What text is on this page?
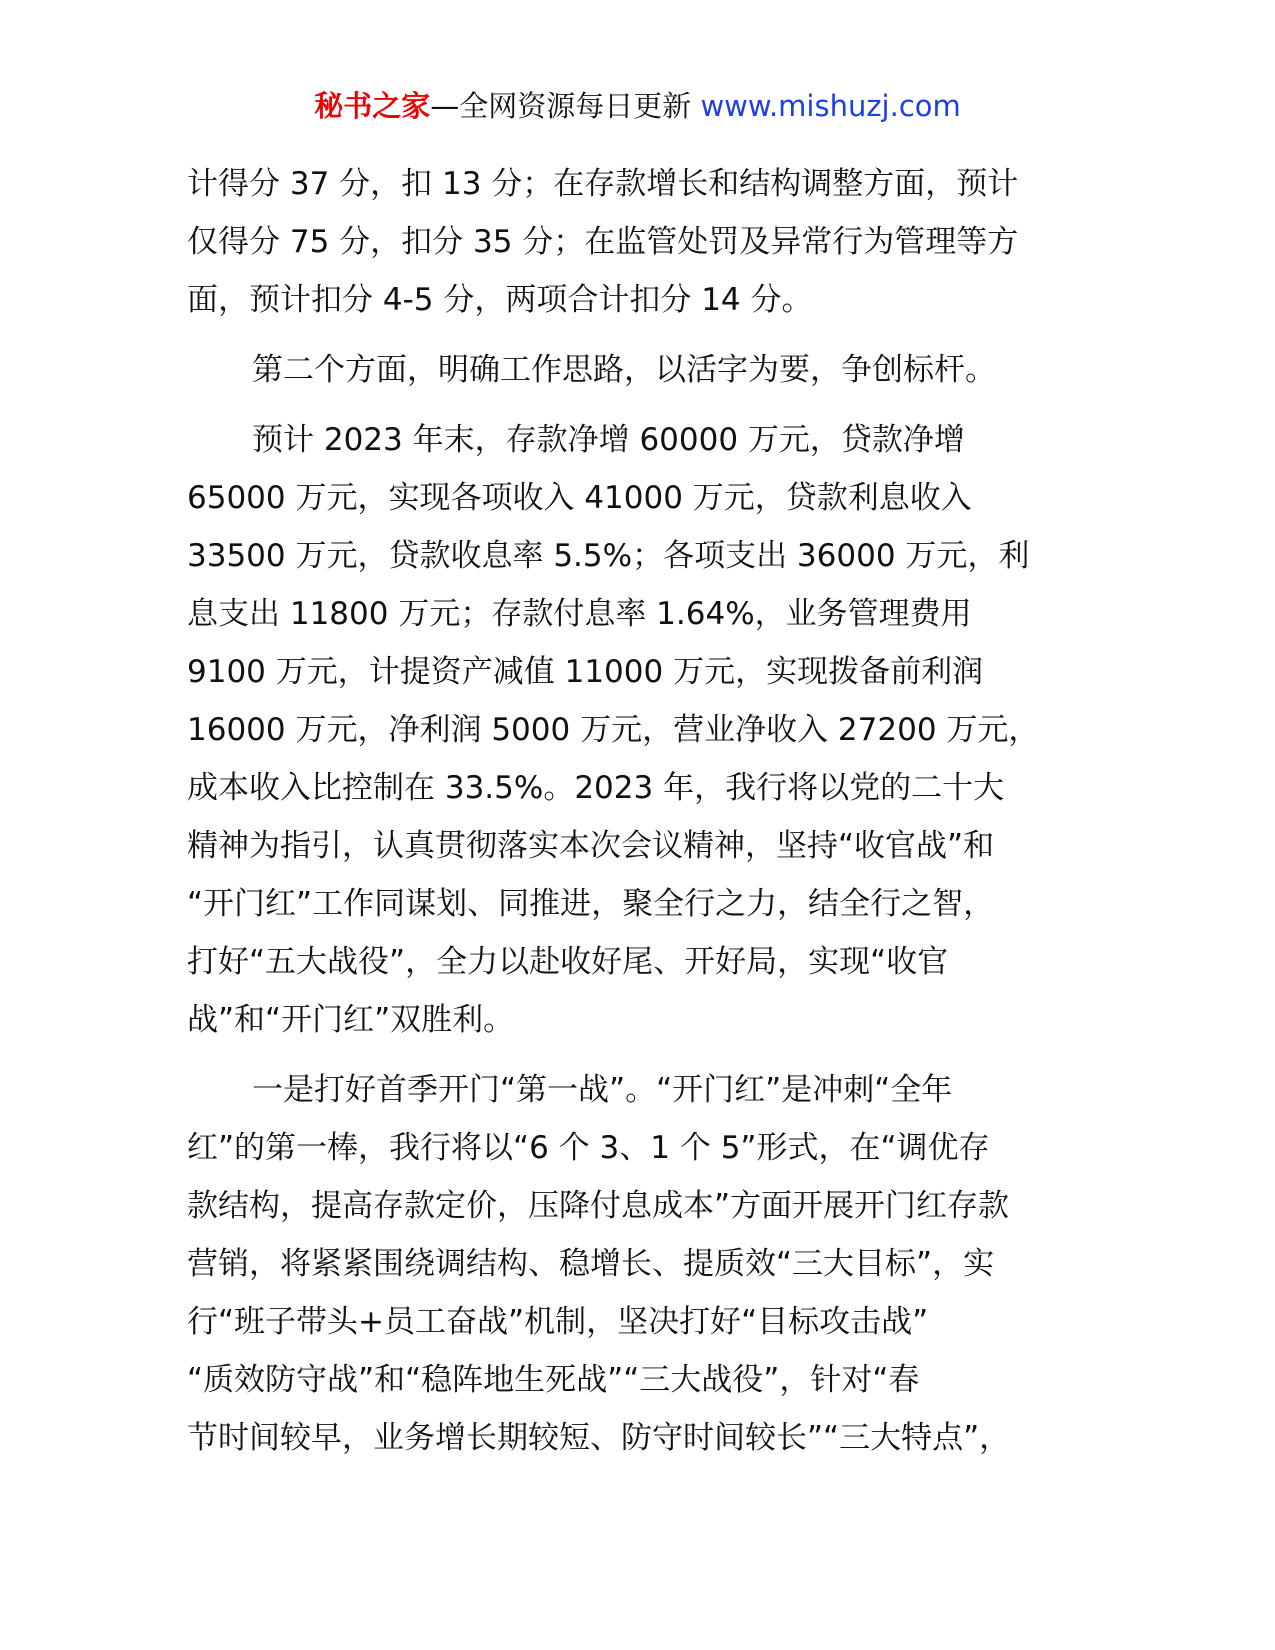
秘书之家—全网资源每日更新 www.mishuzj.com
计得分 37 分，扣 13 分；在存款增长和结构调整方面，预计
仅得分 75 分，扣分 35 分；在监管处罚及异常行为管理等方
面，预计扣分 4-5 分，两项合计扣分 14 分。
第二个方面，明确工作思路，以活字为要，争创标杆。
预计 2023 年末，存款净增 60000 万元，贷款净增
65000 万元，实现各项收入 41000 万元，贷款利息收入
33500 万元，贷款收息率 5.5%；各项支出 36000 万元，利
息支出 11800 万元；存款付息率 1.64%，业务管理费用
9100 万元，计提资产减值 11000 万元，实现拨备前利润
16000 万元，净利润 5000 万元，营业净收入 27200 万元，
成本收入比控制在 33.5%。2023 年，我行将以党的二十大
精神为指引，认真贯彻落实本次会议精神，坚持“收官战”和
“开门红”工作同谋划、同推进，聚全行之力，结全行之智，
打好“五大战役”，全力以赴收好尾、开好局，实现“收官
战”和“开门红”双胜利。
一是打好首季开门“第一战”。“开门红”是冲刺“全年
红”的第一棒，我行将以“6 个 3、1 个 5”形式，在“调优存
款结构，提高存款定价，压降付息成本”方面开展开门红存款
营销，将紧紧围绕调结构、稳增长、提质效“三大目标”，实
行“班子带头+员工奋战”机制，坚决打好“目标攻击战”
“质效防守战”和“稳阵地生死战”“三大战役”，针对“春
节时间较早，业务增长期较短、防守时间较长”“三大特点”，
